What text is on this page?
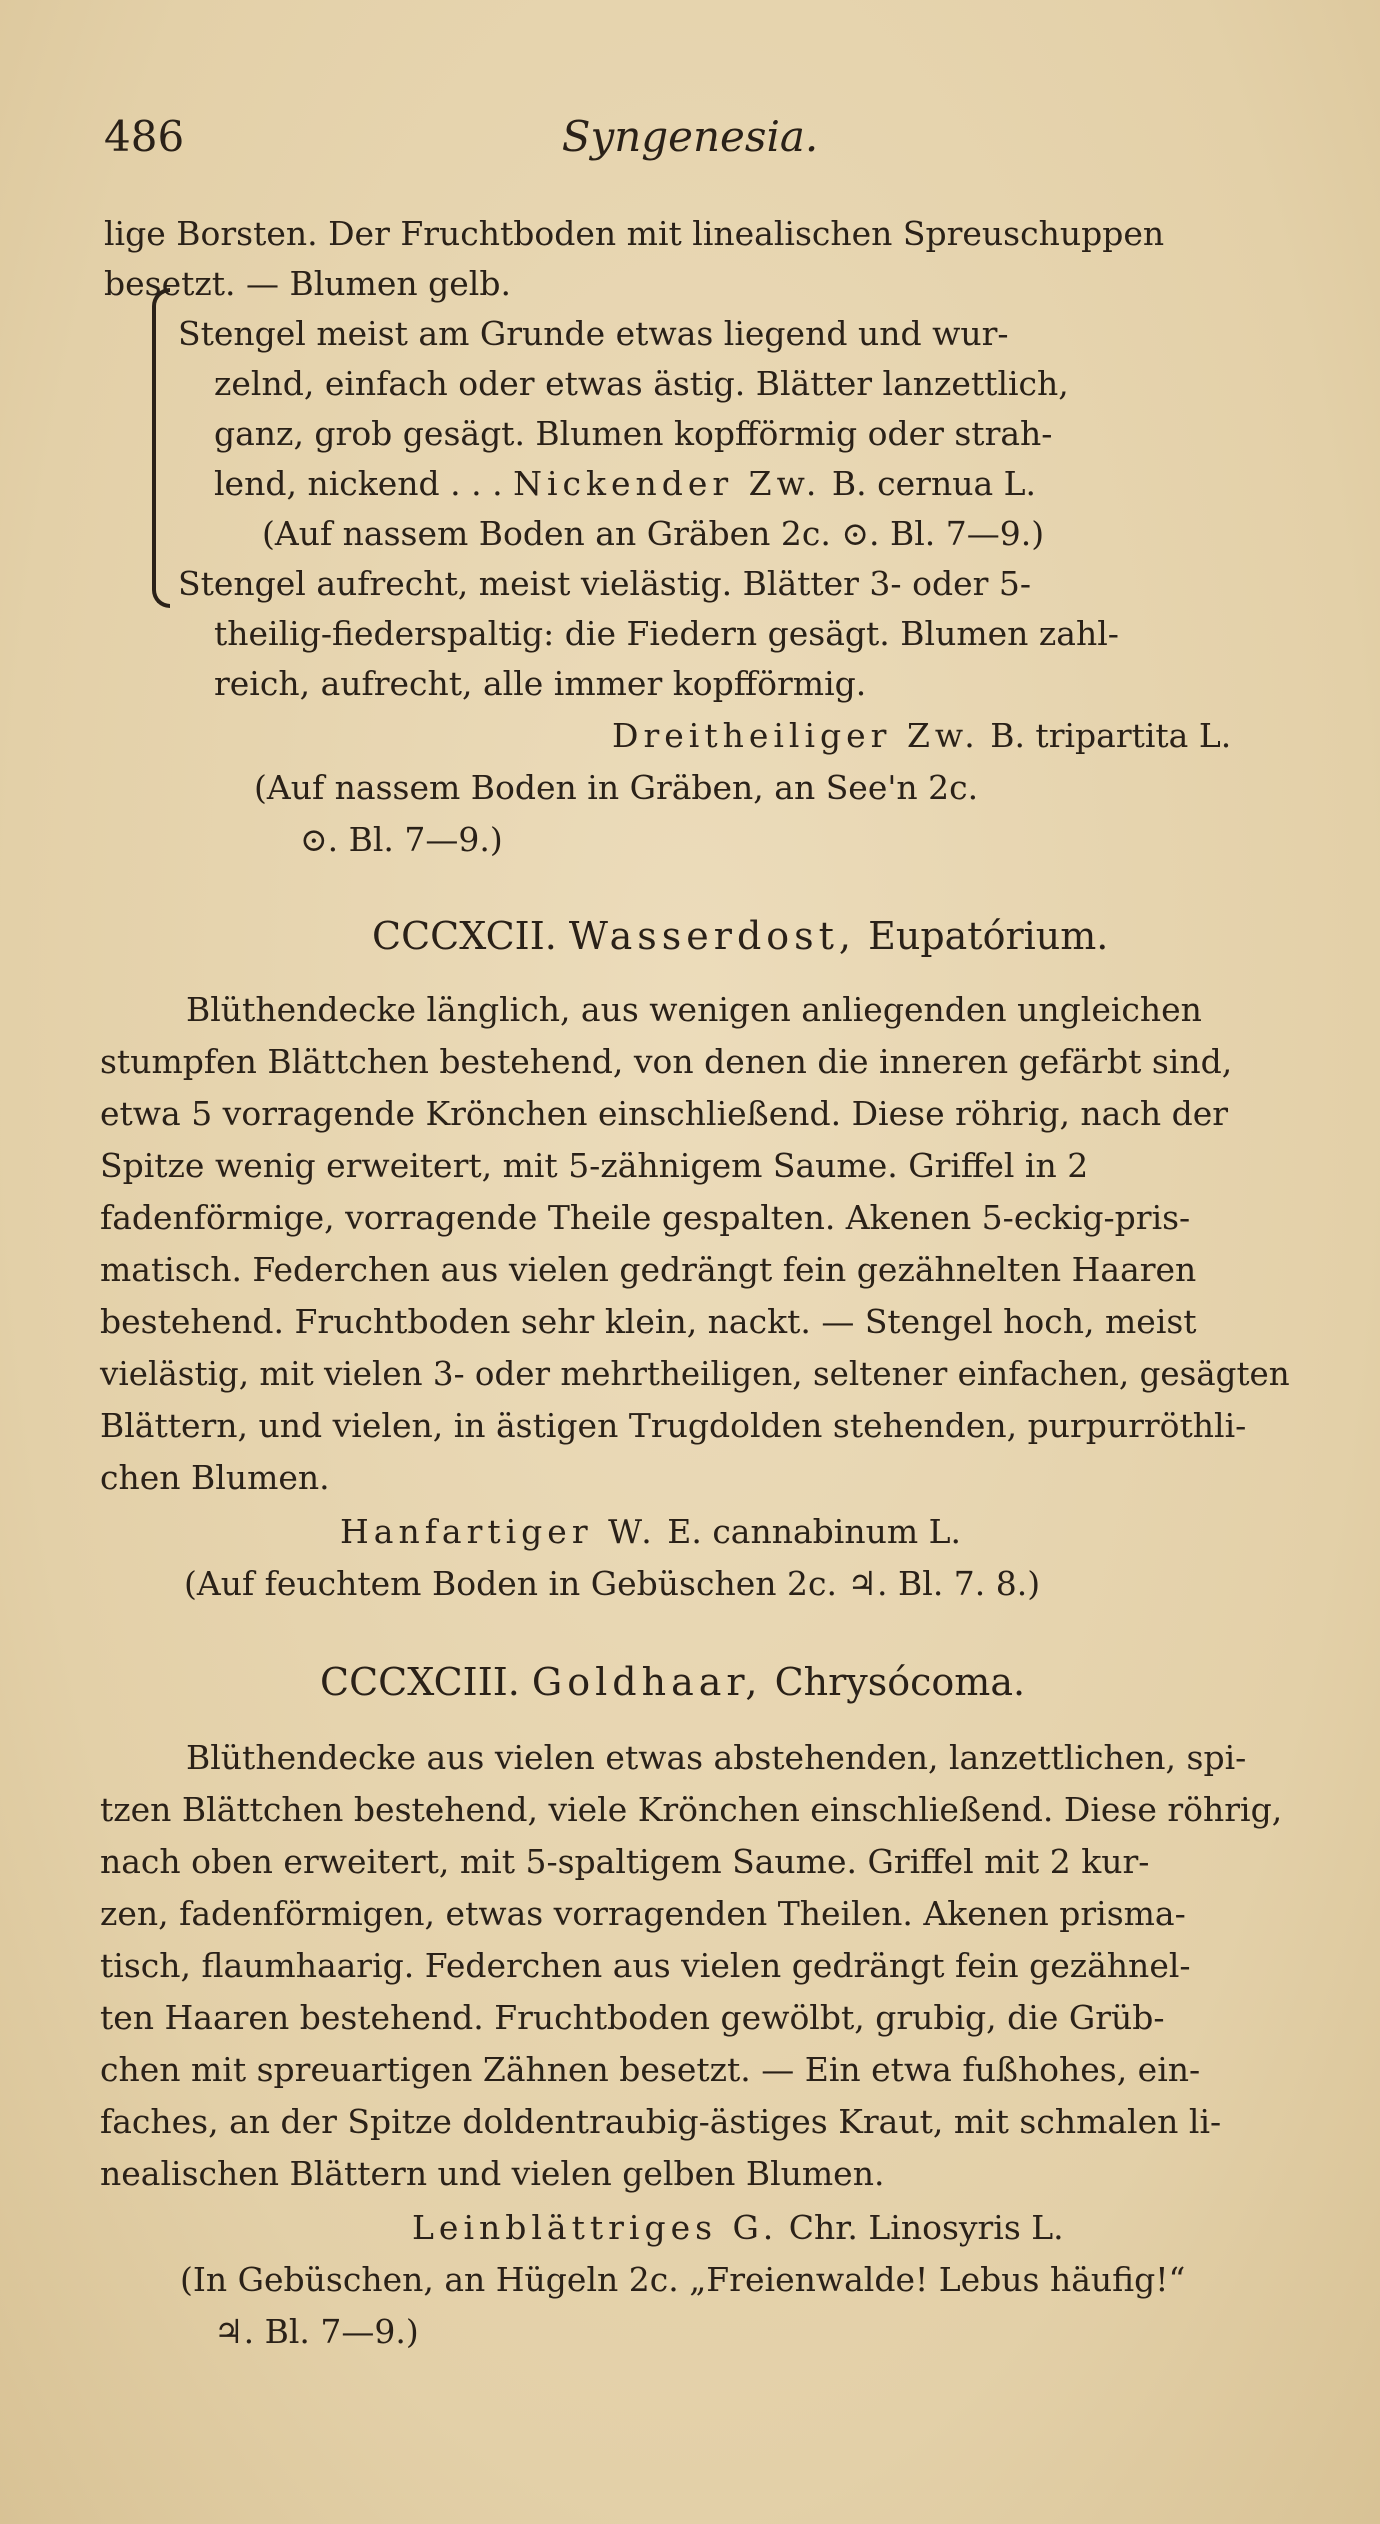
486	Syngenesia.
lige Borsten. Der Fruchtboden mit linealischen Spreuschuppen
besetzt. — Blumen gelb.
Stengel meist am Grunde etwas liegend und wur-
zelnd, einfach oder etwas ästig. Blätter lanzettlich,
ganz, grob gesägt. Blumen kopfförmig oder strah-
lend, nickend . . . Nickender Zw. B. cernua L.
(Auf nassem Boden an Gräben 2c. ⊙. Bl. 7—9.)
Stengel aufrecht, meist vielästig. Blätter 3- oder 5-
theilig-fiederspaltig: die Fiedern gesägt. Blumen zahl-
reich, aufrecht, alle immer kopfförmig.
Dreitheiliger Zw. B. tripartita L.
(Auf nassem Boden in Gräben, an See'n 2c.
⊙. Bl. 7—9.)
CCCXCII. Wasserdost, Eupatórium.
Blüthendecke länglich, aus wenigen anliegenden ungleichen
stumpfen Blättchen bestehend, von denen die inneren gefärbt sind,
etwa 5 vorragende Krönchen einschließend. Diese röhrig, nach der
Spitze wenig erweitert, mit 5-zähnigem Saume. Griffel in 2
fadenförmige, vorragende Theile gespalten. Akenen 5-eckig-pris-
matisch. Federchen aus vielen gedrängt fein gezähnelten Haaren
bestehend. Fruchtboden sehr klein, nackt. — Stengel hoch, meist
vielästig, mit vielen 3- oder mehrtheiligen, seltener einfachen, gesägten
Blättern, und vielen, in ästigen Trugdolden stehenden, purpurröthli-
chen Blumen.
Hanfartiger W. E. cannabinum L.
(Auf feuchtem Boden in Gebüschen 2c. ♃. Bl. 7. 8.)
CCCXCIII. Goldhaar, Chrysócoma.
Blüthendecke aus vielen etwas abstehenden, lanzettlichen, spi-
tzen Blättchen bestehend, viele Krönchen einschließend. Diese röhrig,
nach oben erweitert, mit 5-spaltigem Saume. Griffel mit 2 kur-
zen, fadenförmigen, etwas vorragenden Theilen. Akenen prisma-
tisch, flaumhaarig. Federchen aus vielen gedrängt fein gezähnel-
ten Haaren bestehend. Fruchtboden gewölbt, grubig, die Grüb-
chen mit spreuartigen Zähnen besetzt. — Ein etwa fußhohes, ein-
faches, an der Spitze doldentraubig-ästiges Kraut, mit schmalen li-
nealischen Blättern und vielen gelben Blumen.
Leinblättriges G. Chr. Linosyris L.
(In Gebüschen, an Hügeln 2c. „Freienwalde! Lebus häufig!“
♃. Bl. 7—9.)
